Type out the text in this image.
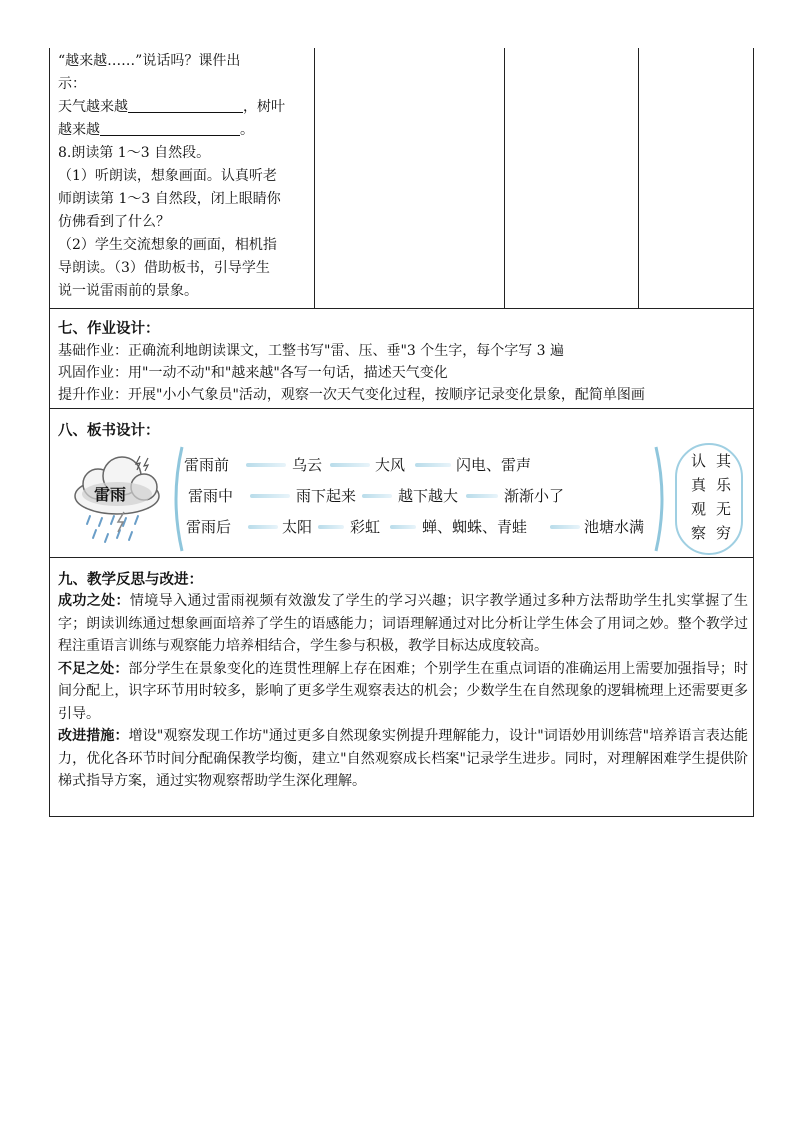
“越来越……”说话吗？课件出

示：

天气越来越	，树叶

越来越	。

8.朗读第 1～3 自然段。

（1）听朗读，想象画面。认真听老

师朗读第 1～3 自然段，闭上眼睛你

仿佛看到了什么？

（2）学生交流想象的画面，相机指

导朗读。（3）借助板书，引导学生

说一说雷雨前的景象。

七、作业设计：
基础作业：正确流利地朗读课文，工整书写"雷、压、垂"3 个生字，每个字写 3 遍
巩固作业：用"一动不动"和"越来越"各写一句话，描述天气变化
提升作业：开展"小小气象员"活动，观察一次天气变化过程，按顺序记录变化景象，配简单图画
八、板书设计：
雷雨
雷雨前	乌云	大风	闪电、雷声
雷雨中	雨下起来	越下越大	渐渐小了
雷雨后	太阳	彩虹	蝉、蜘蛛、青蛙	池塘水满
认 其
真 乐
观 无
察 穷
九、教学反思与改进：

成功之处：情境导入通过雷雨视频有效激发了学生的学习兴趣；识字教学通过多种方法帮助学生扎实掌握了生字；朗读训练通过想象画面培养了学生的语感能力；词语理解通过对比分析让学生体会了用词之妙。整个教学过程注重语言训练与观察能力培养相结合，学生参与积极，教学目标达成度较高。

不足之处：部分学生在景象变化的连贯性理解上存在困难；个别学生在重点词语的准确运用上需要加强指导；时间分配上，识字环节用时较多，影响了更多学生观察表达的机会；少数学生在自然现象的逻辑梳理上还需要更多引导。

改进措施：增设"观察发现工作坊"通过更多自然现象实例提升理解能力，设计"词语妙用训练营"培养语言表达能力，优化各环节时间分配确保教学均衡，建立"自然观察成长档案"记录学生进步。同时，对理解困难学生提供阶梯式指导方案，通过实物观察帮助学生深化理解。
